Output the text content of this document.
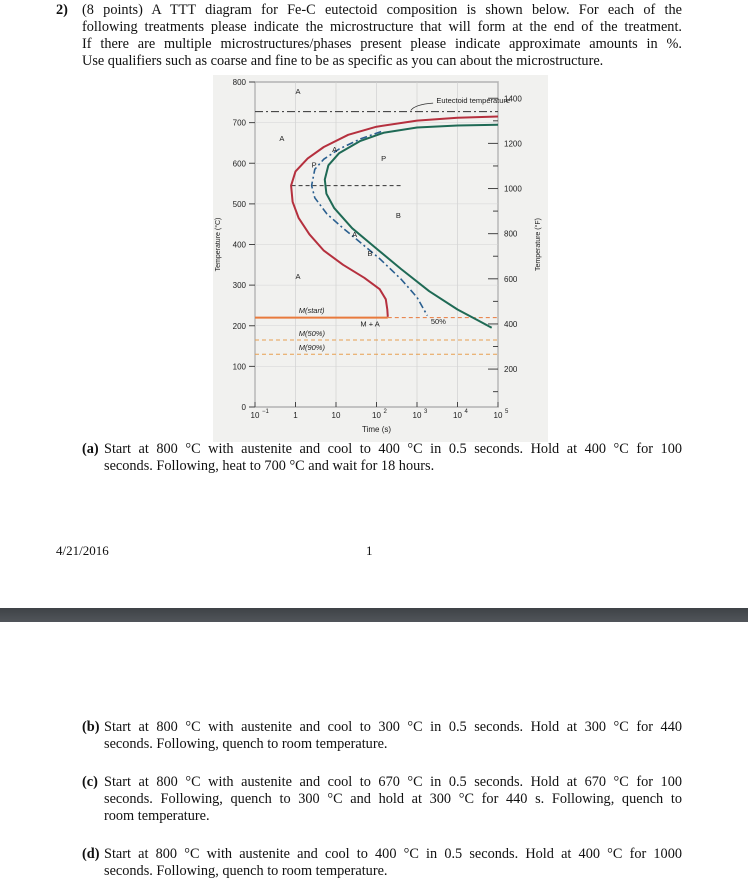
2) (8 points) A TTT diagram for Fe-C eutectoid composition is shown below. For each of the
following treatments please indicate the microstructure that will form at the end of the treatment.
If there are multiple microstructures/phases present please indicate approximate amounts in %.
Use qualifiers such as coarse and fine to be as specific as you can about the microstructure.
0
100
200
300
400
500
600
700
800
200
400
600
800
1000
1200
1400
10 −1	1	10	10 2	10 3	10 4	10 5
Time (s)
Temperature (°C)	Temperature (°F)
A
A
Eutectoid temperature
P
B
A
M(start)
M + A	50%
M(50%)
M(90%)
P
A
A
B
(a) Start at 800 °C with austenite and cool to 400 °C in 0.5 seconds. Hold at 400 °C for 100
seconds. Following, heat to 700 °C and wait for 18 hours.
4/21/2016	1
(b) Start at 800 °C with austenite and cool to 300 °C in 0.5 seconds. Hold at 300 °C for 440
seconds. Following, quench to room temperature.
(c) Start at 800 °C with austenite and cool to 670 °C in 0.5 seconds. Hold at 670 °C for 100
seconds. Following, quench to 300 °C and hold at 300 °C for 440 s. Following, quench to
room temperature.
(d) Start at 800 °C with austenite and cool to 400 °C in 0.5 seconds. Hold at 400 °C for 1000
seconds. Following, quench to room temperature.
